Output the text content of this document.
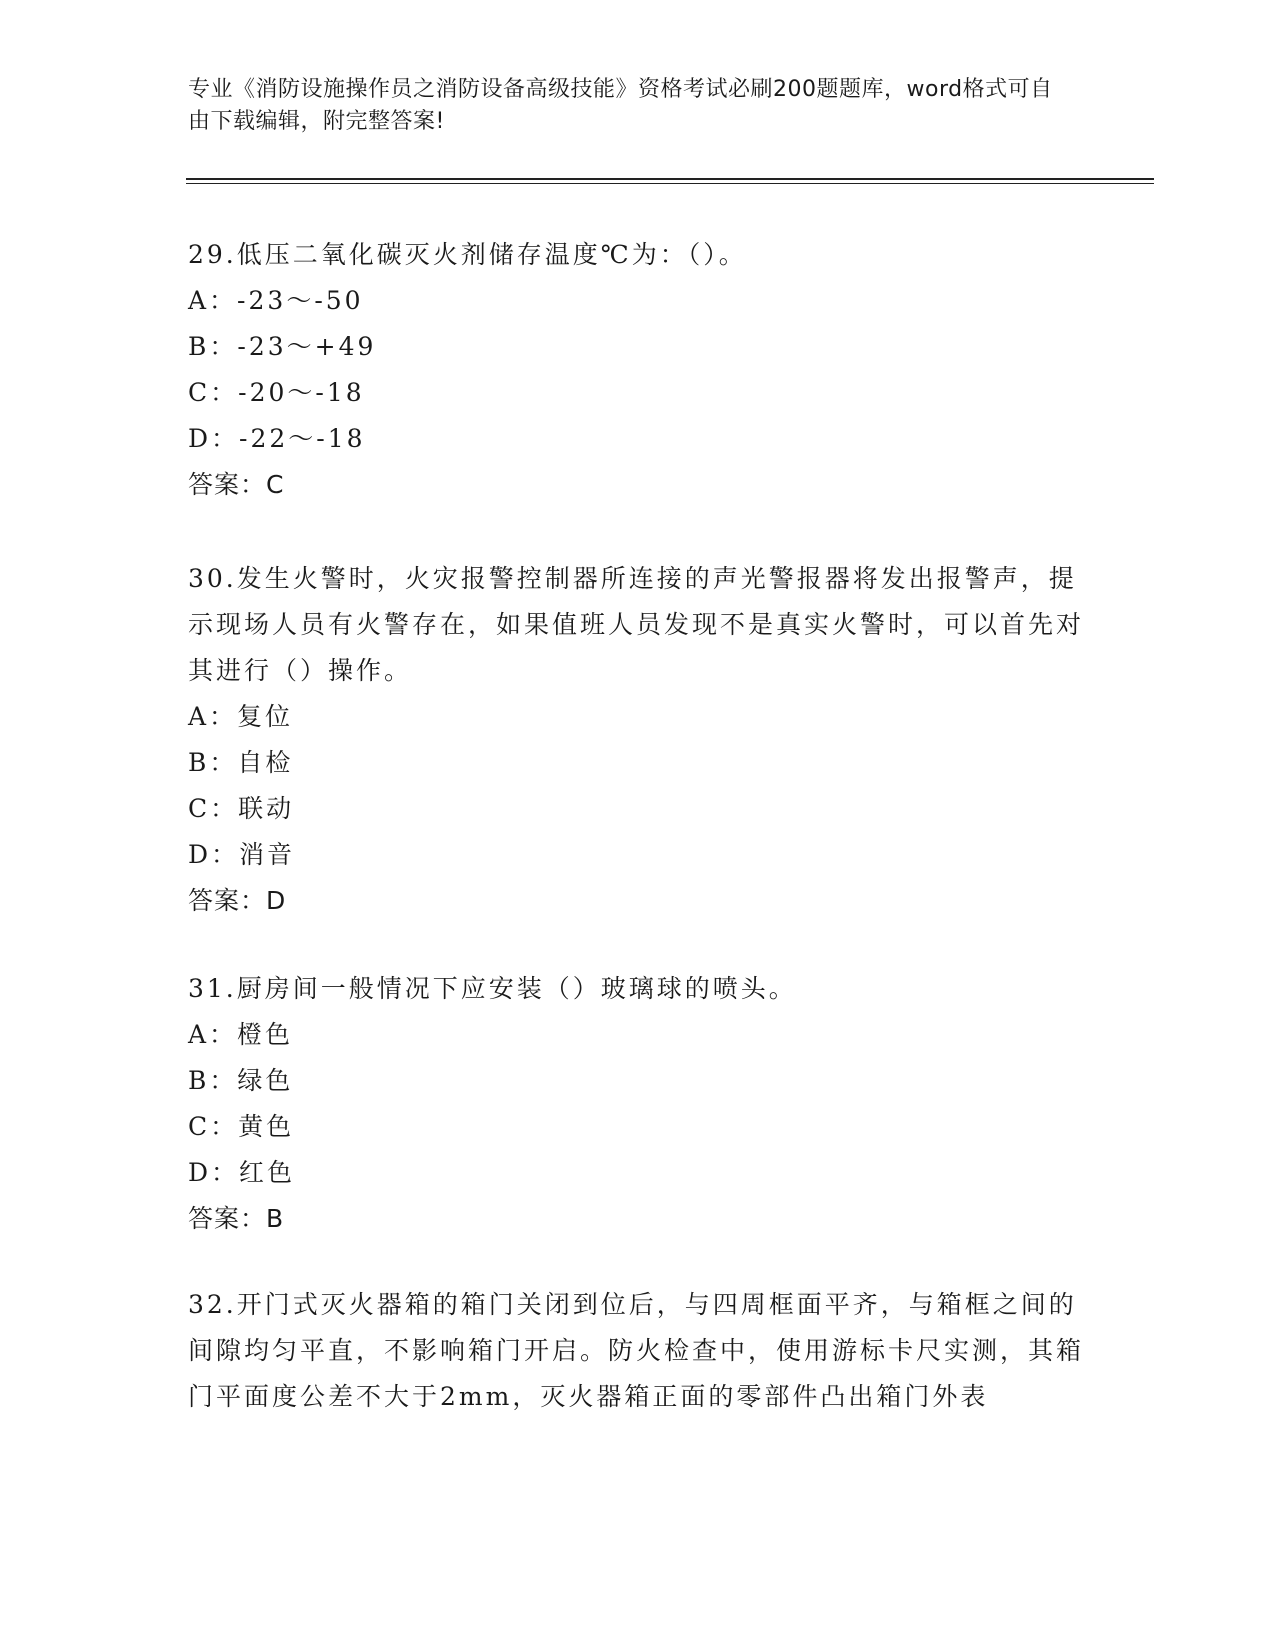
专业《消防设施操作员之消防设备高级技能》资格考试必刷200题题库，word格式可自由下载编辑，附完整答案!
29.低压二氧化碳灭火剂储存温度℃为：（）。
A：-23～-50
B：-23～+49
C：-20～-18
D：-22～-18
答案：C
30.发生火警时，火灾报警控制器所连接的声光警报器将发出报警声，提示现场人员有火警存在，如果值班人员发现不是真实火警时，可以首先对其进行（）操作。
A：复位
B：自检
C：联动
D：消音
答案：D
31.厨房间一般情况下应安装（）玻璃球的喷头。
A：橙色
B：绿色
C：黄色
D：红色
答案：B
32.开门式灭火器箱的箱门关闭到位后，与四周框面平齐，与箱框之间的间隙均匀平直，不影响箱门开启。防火检查中，使用游标卡尺实测，其箱门平面度公差不大于2mm，灭火器箱正面的零部件凸出箱门外表
